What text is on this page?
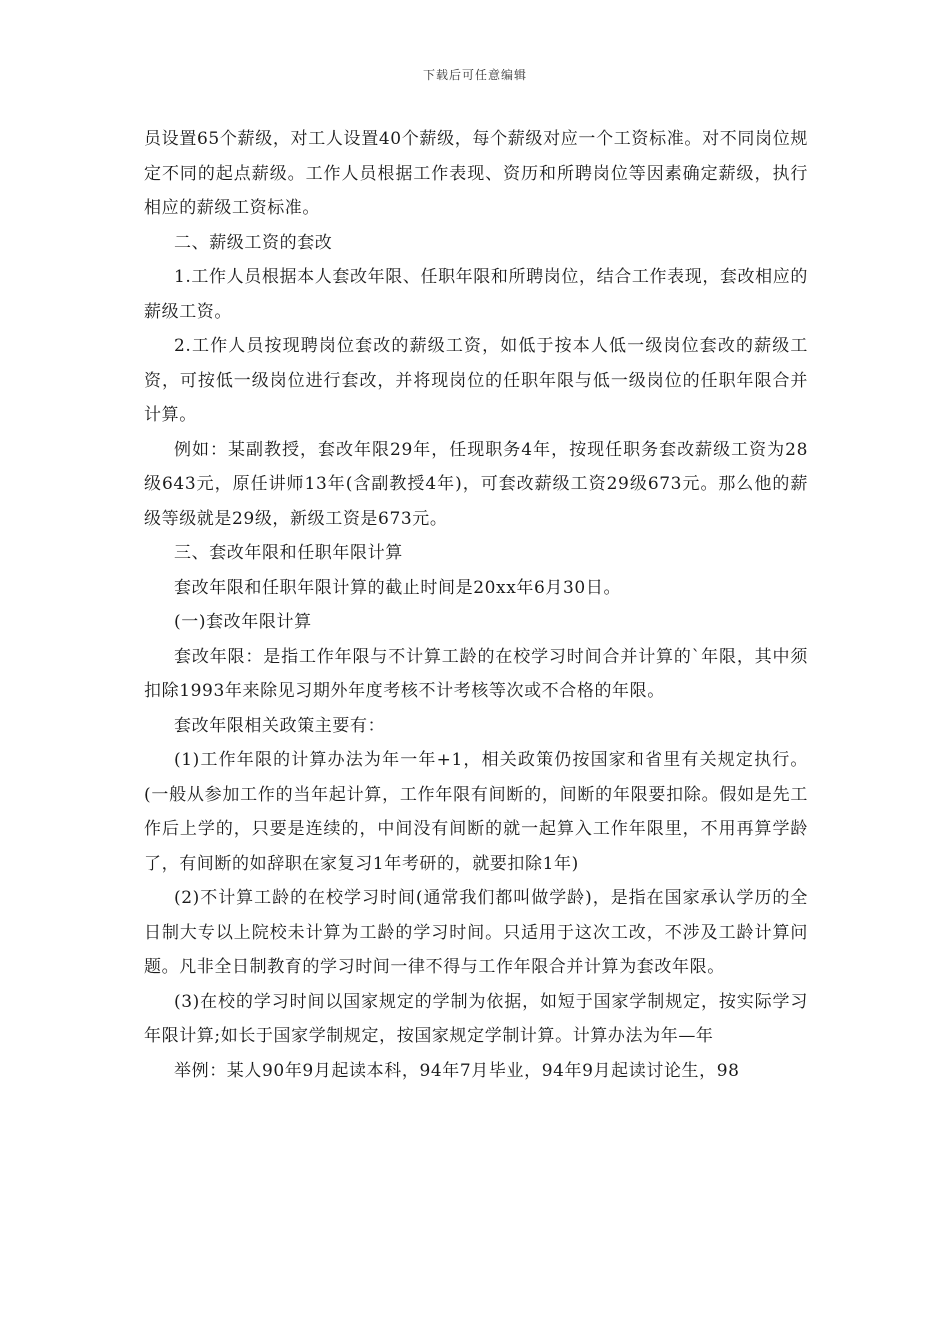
下载后可任意编辑

员设置65个薪级，对工人设置40个薪级，每个薪级对应一个工资标准。对不同岗位规定不同的起点薪级。工作人员根据工作表现、资历和所聘岗位等因素确定薪级，执行相应的薪级工资标准。

二、薪级工资的套改

1.工作人员根据本人套改年限、任职年限和所聘岗位，结合工作表现，套改相应的薪级工资。

2.工作人员按现聘岗位套改的薪级工资，如低于按本人低一级岗位套改的薪级工资，可按低一级岗位进行套改，并将现岗位的任职年限与低一级岗位的任职年限合并计算。

例如：某副教授，套改年限29年，任现职务4年，按现任职务套改薪级工资为28级643元，原任讲师13年(含副教授4年)，可套改薪级工资29级673元。那么他的薪级等级就是29级，新级工资是673元。

三、套改年限和任职年限计算

套改年限和任职年限计算的截止时间是20xx年6月30日。

(一)套改年限计算

套改年限：是指工作年限与不计算工龄的在校学习时间合并计算的`年限，其中须扣除1993年来除见习期外年度考核不计考核等次或不合格的年限。

套改年限相关政策主要有：

(1)工作年限的计算办法为年一年+1，相关政策仍按国家和省里有关规定执行。(一般从参加工作的当年起计算，工作年限有间断的，间断的年限要扣除。假如是先工作后上学的，只要是连续的，中间没有间断的就一起算入工作年限里，不用再算学龄了，有间断的如辞职在家复习1年考研的，就要扣除1年)

(2)不计算工龄的在校学习时间(通常我们都叫做学龄)，是指在国家承认学历的全日制大专以上院校未计算为工龄的学习时间。只适用于这次工改，不涉及工龄计算问题。凡非全日制教育的学习时间一律不得与工作年限合并计算为套改年限。

(3)在校的学习时间以国家规定的学制为依据，如短于国家学制规定，按实际学习年限计算;如长于国家学制规定，按国家规定学制计算。计算办法为年—年

举例：某人90年9月起读本科，94年7月毕业，94年9月起读讨论生，98
